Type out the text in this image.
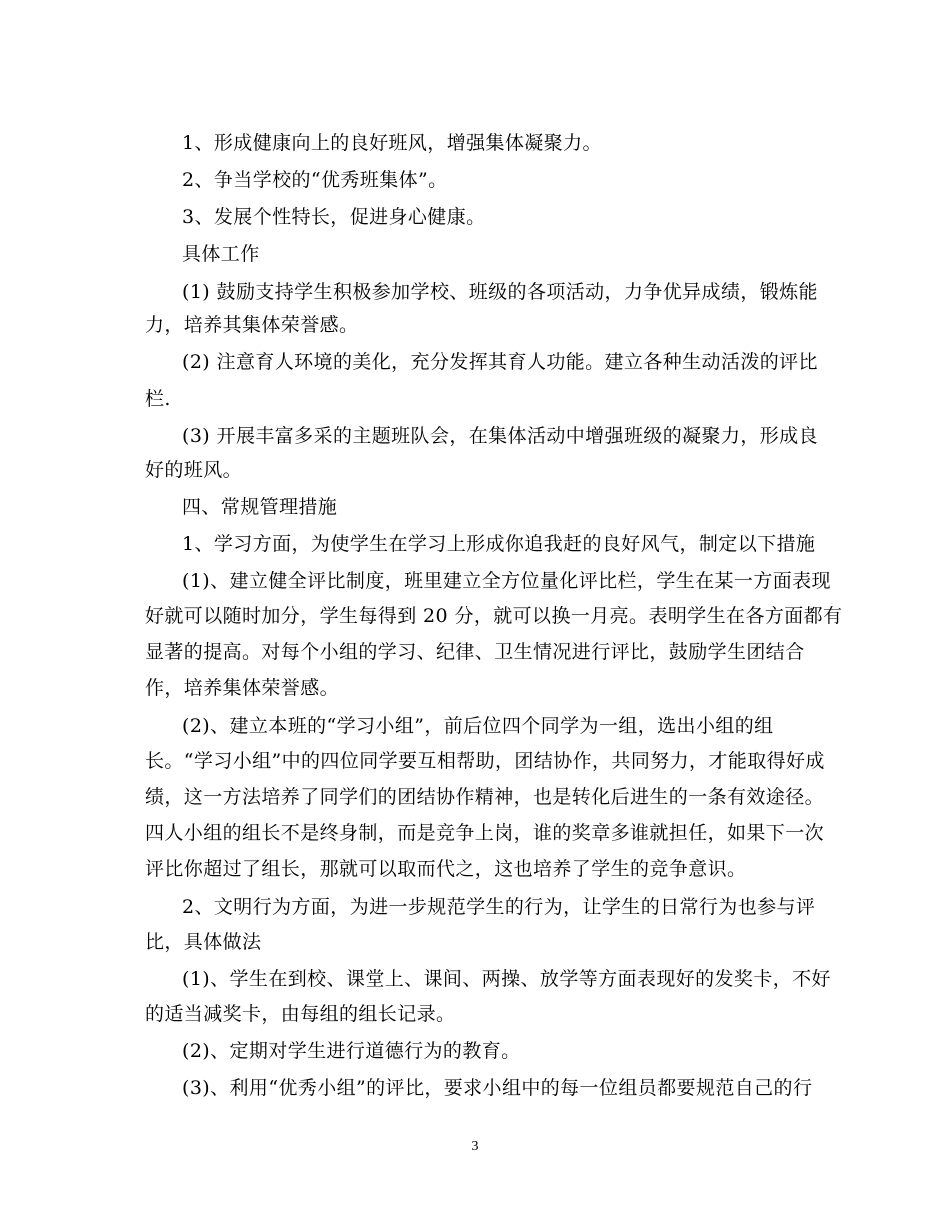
1、形成健康向上的良好班风，增强集体凝聚力。
2、争当学校的“优秀班集体”。
3、发展个性特长，促进身心健康。
具体工作
(1) 鼓励支持学生积极参加学校、班级的各项活动，力争优异成绩，锻炼能
力，培养其集体荣誉感。
(2) 注意育人环境的美化，充分发挥其育人功能。建立各种生动活泼的评比
栏.
(3) 开展丰富多采的主题班队会，在集体活动中增强班级的凝聚力，形成良
好的班风。
四、常规管理措施
1、学习方面，为使学生在学习上形成你追我赶的良好风气，制定以下措施
(1)、建立健全评比制度，班里建立全方位量化评比栏，学生在某一方面表现
好就可以随时加分，学生每得到 20 分，就可以换一月亮。表明学生在各方面都有
显著的提高。对每个小组的学习、纪律、卫生情况进行评比，鼓励学生团结合
作，培养集体荣誉感。
(2)、建立本班的“学习小组”，前后位四个同学为一组，选出小组的组
长。“学习小组”中的四位同学要互相帮助，团结协作，共同努力，才能取得好成
绩，这一方法培养了同学们的团结协作精神，也是转化后进生的一条有效途径。
四人小组的组长不是终身制，而是竞争上岗，谁的奖章多谁就担任，如果下一次
评比你超过了组长，那就可以取而代之，这也培养了学生的竞争意识。
2、文明行为方面，为进一步规范学生的行为，让学生的日常行为也参与评
比，具体做法
(1)、学生在到校、课堂上、课间、两操、放学等方面表现好的发奖卡，不好
的适当减奖卡，由每组的组长记录。
(2)、定期对学生进行道德行为的教育。
(3)、利用“优秀小组”的评比，要求小组中的每一位组员都要规范自己的行
3
